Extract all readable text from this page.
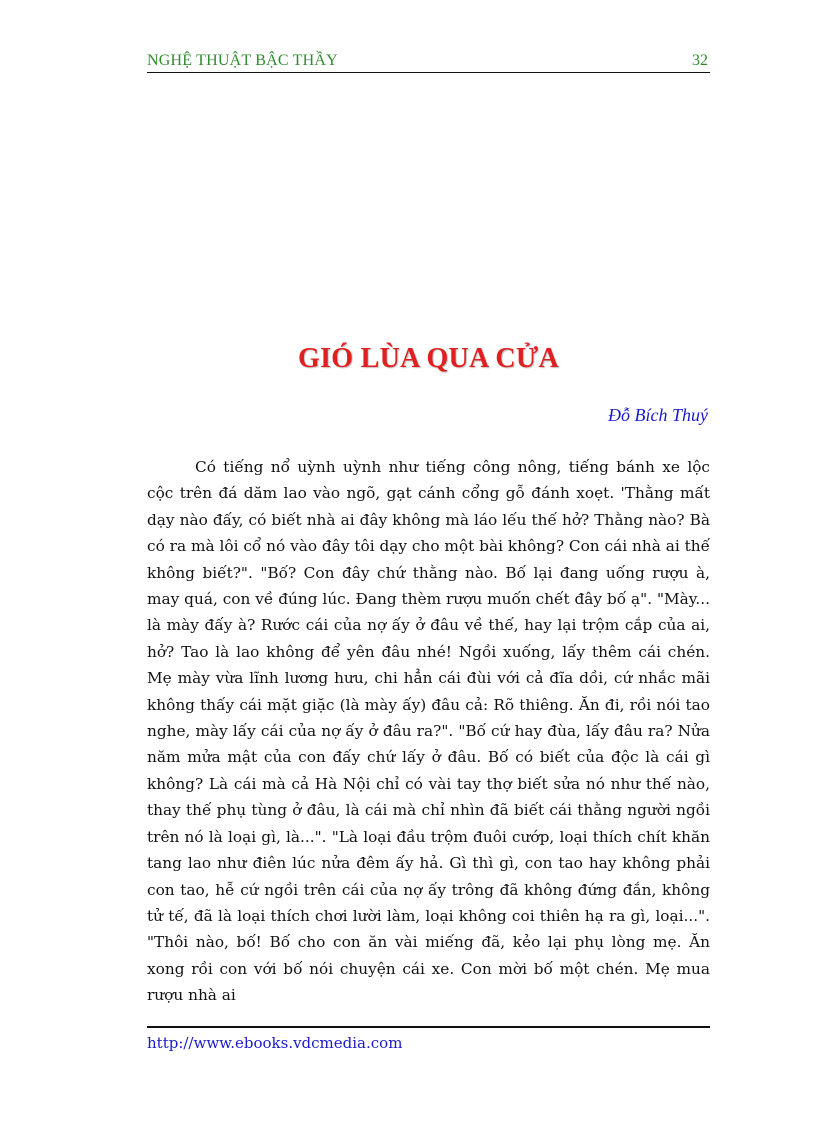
NGHỆ THUẬT BẬC THẦY	32
GIÓ LÙA QUA CỬA
Đỗ Bích Thuý

Có tiếng nổ uỳnh uỳnh như tiếng công nông, tiếng bánh xe lộc cộc trên đá dăm lao vào ngõ, gạt cánh cổng gỗ đánh xoẹt. 'Thằng mất dạy nào đấy, có biết nhà ai đây không mà láo lếu thế hở? Thằng nào? Bà có ra mà lôi cổ nó vào đây tôi dạy cho một bài không? Con cái nhà ai thế không biết?". "Bố? Con đây chứ thằng nào. Bố lại đang uống rượu à, may quá, con về đúng lúc. Đang thèm rượu muốn chết đây bố ạ". "Mày... là mày đấy à? Rước cái của nợ ấy ở đâu về thế, hay lại trộm cắp của ai, hở? Tao là lao không để yên đâu nhé! Ngồi xuống, lấy thêm cái chén. Mẹ mày vừa lĩnh lương hưu, chi hẳn cái đùi với cả đĩa dồi, cứ nhắc mãi không thấy cái mặt giặc (là mày ấy) đâu cả: Rõ thiêng. Ăn đi, rồi nói tao nghe, mày lấy cái của nợ ấy ở đâu ra?". "Bố cứ hay đùa, lấy đâu ra? Nửa năm mửa mật của con đấy chứ lấy ở đâu. Bố có biết của độc là cái gì không? Là cái mà cả Hà Nội chỉ có vài tay thợ biết sửa nó như thế nào, thay thế phụ tùng ở đâu, là cái mà chỉ nhìn đã biết cái thằng người ngồi trên nó là loại gì, là...". "Là loại đầu trộm đuôi cướp, loại thích chít khăn tang lao như điên lúc nửa đêm ấy hả. Gì thì gì, con tao hay không phải con tao, hễ cứ ngồi trên cái của nợ ấy trông đã không đứng đắn, không tử tế, đã là loại thích chơi lười làm, loại không coi thiên hạ ra gì, loại...". "Thôi nào, bố! Bố cho con ăn vài miếng đã, kẻo lại phụ lòng mẹ. Ăn xong rồi con với bố nói chuyện cái xe. Con mời bố một chén. Mẹ mua rượu nhà ai

http://www.ebooks.vdcmedia.com
